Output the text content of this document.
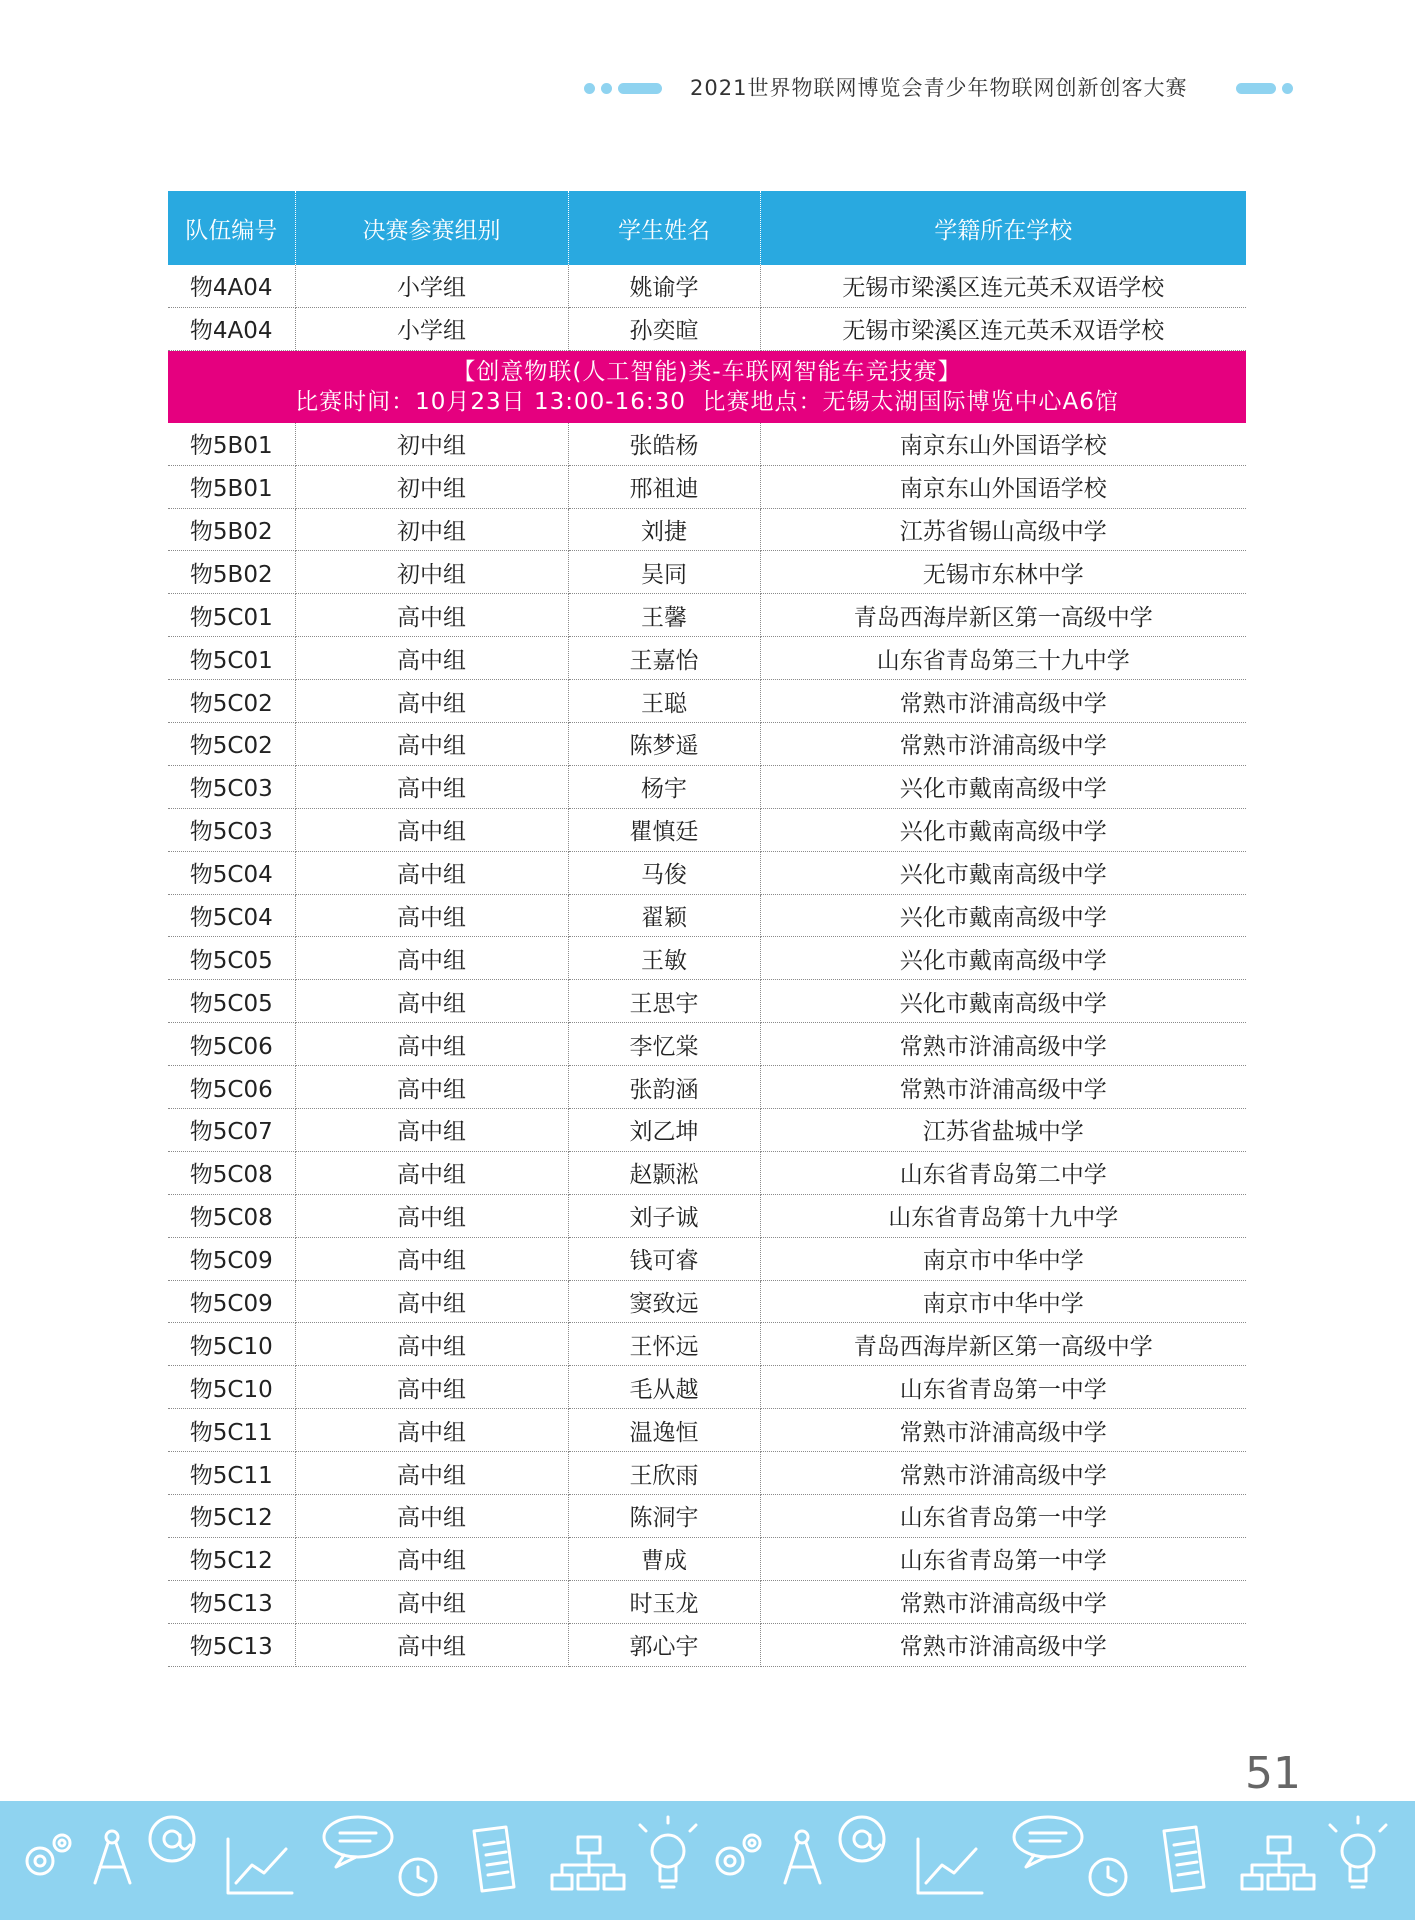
2021世界物联网博览会青少年物联网创新创客大赛
队伍编号	决赛参赛组别	学生姓名	学籍所在学校
物4A04	小学组	姚谕学	无锡市梁溪区连元英禾双语学校
物4A04	小学组	孙奕暄	无锡市梁溪区连元英禾双语学校

【创意物联(人工智能)类-车联网智能车竞技赛】
比赛时间：10月23日 13:00-16:30  比赛地点：无锡太湖国际博览中心A6馆			

物5B01	初中组	张皓杨	南京东山外国语学校
物5B01	初中组	邢祖迪	南京东山外国语学校
物5B02	初中组	刘捷	江苏省锡山高级中学
物5B02	初中组	吴同	无锡市东林中学
物5C01	高中组	王馨	青岛西海岸新区第一高级中学
物5C01	高中组	王嘉怡	山东省青岛第三十九中学
物5C02	高中组	王聪	常熟市浒浦高级中学
物5C02	高中组	陈梦遥	常熟市浒浦高级中学
物5C03	高中组	杨宇	兴化市戴南高级中学
物5C03	高中组	瞿慎廷	兴化市戴南高级中学
物5C04	高中组	马俊	兴化市戴南高级中学
物5C04	高中组	翟颖	兴化市戴南高级中学
物5C05	高中组	王敏	兴化市戴南高级中学
物5C05	高中组	王思宇	兴化市戴南高级中学
物5C06	高中组	李忆棠	常熟市浒浦高级中学
物5C06	高中组	张韵涵	常熟市浒浦高级中学
物5C07	高中组	刘乙坤	江苏省盐城中学
物5C08	高中组	赵颢淞	山东省青岛第二中学
物5C08	高中组	刘子诚	山东省青岛第十九中学
物5C09	高中组	钱可睿	南京市中华中学
物5C09	高中组	窦致远	南京市中华中学
物5C10	高中组	王怀远	青岛西海岸新区第一高级中学
物5C10	高中组	毛从越	山东省青岛第一中学
物5C11	高中组	温逸恒	常熟市浒浦高级中学
物5C11	高中组	王欣雨	常熟市浒浦高级中学
物5C12	高中组	陈洞宇	山东省青岛第一中学
物5C12	高中组	曹成	山东省青岛第一中学
物5C13	高中组	时玉龙	常熟市浒浦高级中学
物5C13	高中组	郭心宇	常熟市浒浦高级中学
51
